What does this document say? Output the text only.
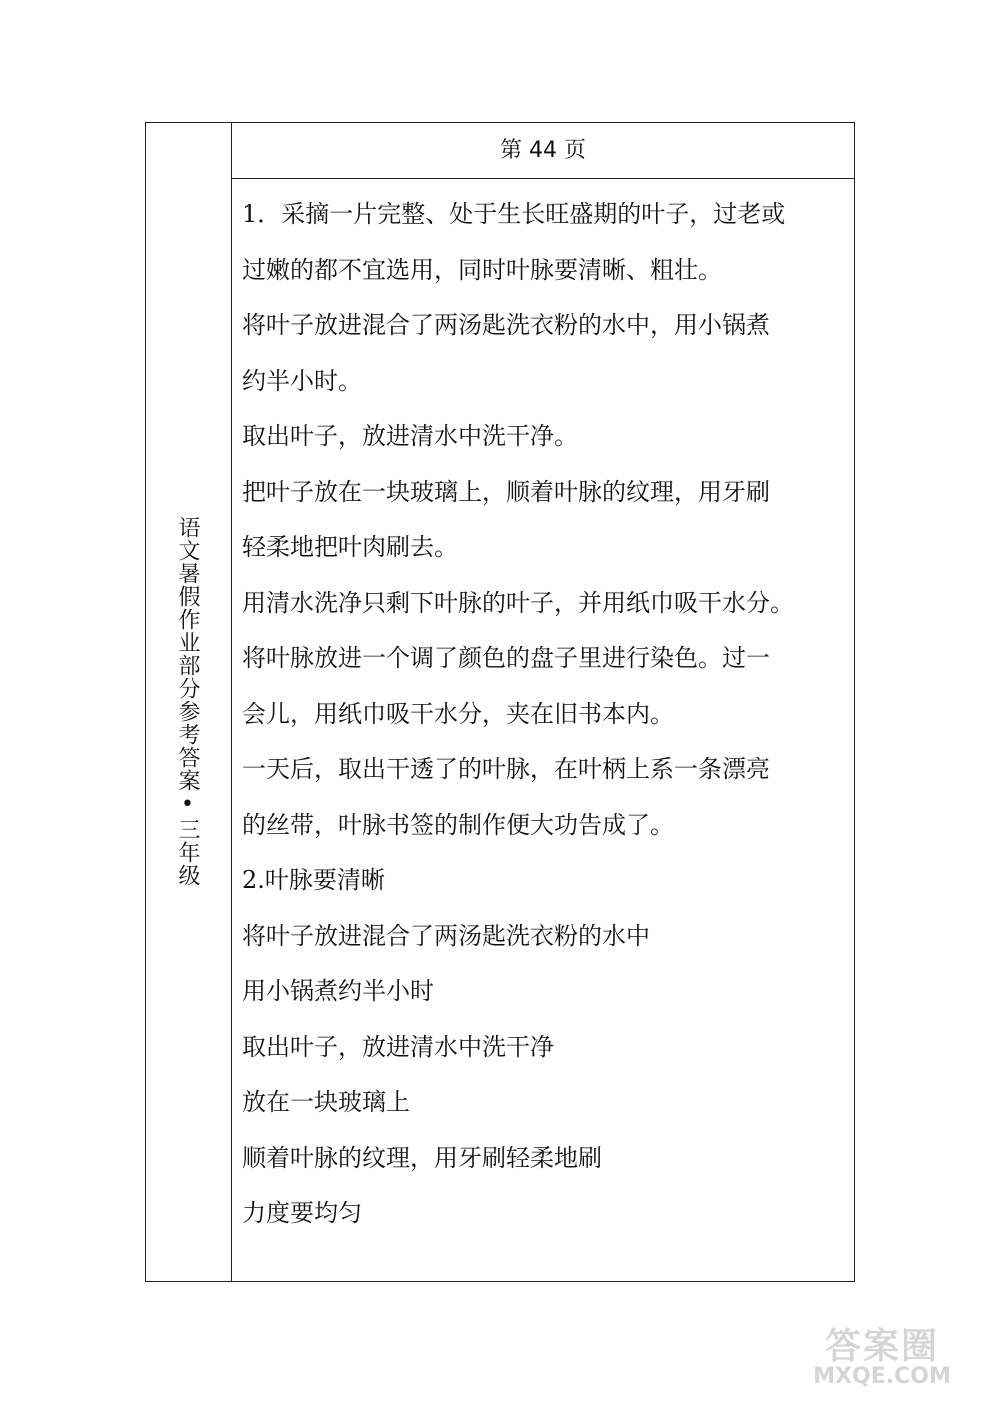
语文暑假作业部分参考答案•三年级
第 44 页

1．采摘一片完整、处于生长旺盛期的叶子，过老或

过嫩的都不宜选用，同时叶脉要清晰、粗壮。

将叶子放进混合了两汤匙洗衣粉的水中，用小锅煮

约半小时。

取出叶子，放进清水中洗干净。

把叶子放在一块玻璃上，顺着叶脉的纹理，用牙刷

轻柔地把叶肉刷去。

用清水洗净只剩下叶脉的叶子，并用纸巾吸干水分。

将叶脉放进一个调了颜色的盘子里进行染色。过一

会儿，用纸巾吸干水分，夹在旧书本内。

一天后，取出干透了的叶脉，在叶柄上系一条漂亮

的丝带，叶脉书签的制作便大功告成了。

2.叶脉要清晰

将叶子放进混合了两汤匙洗衣粉的水中

用小锅煮约半小时

取出叶子，放进清水中洗干净

放在一块玻璃上

顺着叶脉的纹理，用牙刷轻柔地刷

力度要均匀

答案圈
MXQE.COM
